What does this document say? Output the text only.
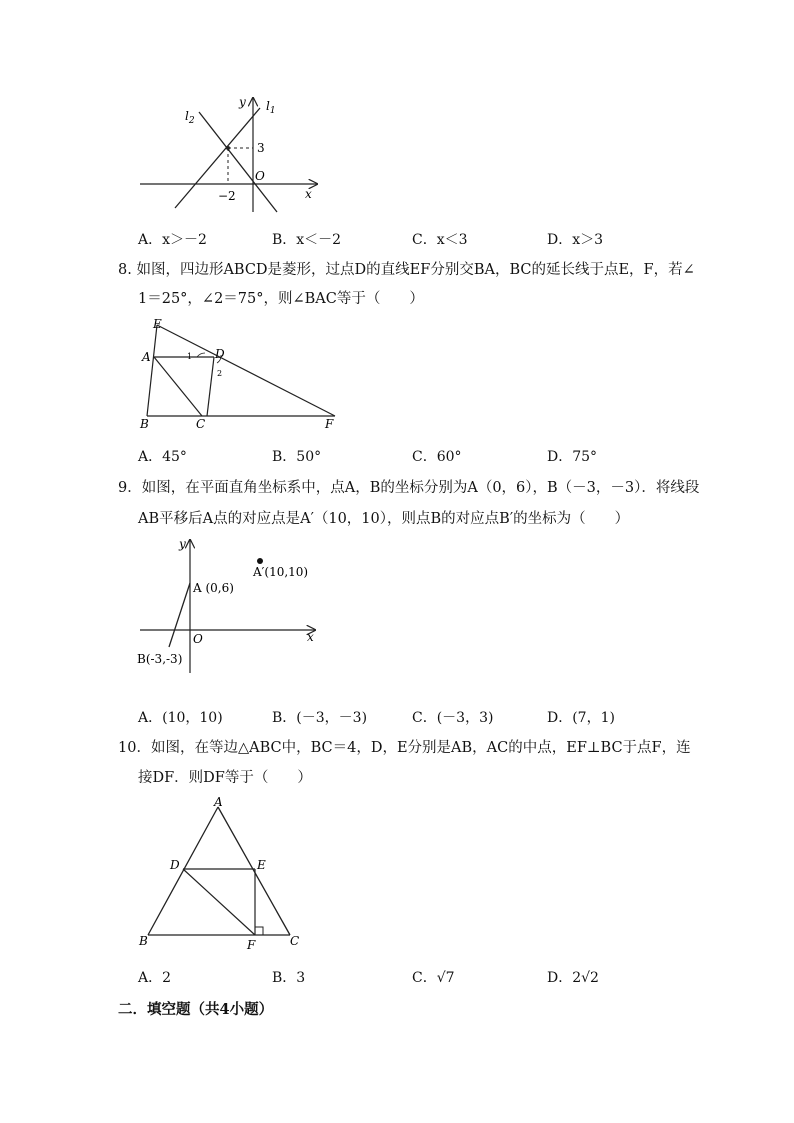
$l_2$
$l_1$
y
x
O
3
−2
A．x＞－2	B．x＜－2	C．x＜3	D．x＞3
8. 如图，四边形ABCD是菱形，过点D的直线EF分别交BA，BC的延长线于点E，F，若∠
1＝25°，∠2＝75°，则∠BAC等于（　　）
E
A	D
B	C	F
1
2
A．45°	B．50°	C．60°	D．75°
9．如图，在平面直角坐标系中，点A，B的坐标分别为A（0，6），B（－3，－3）．将线段
AB平移后A点的对应点是A′（10，10），则点B的对应点B′的坐标为（　　）
y
x
O
A (0,6)
B(-3,-3)
A′(10,10)
A．(10，10)	B．(－3，－3)	C．(－3，3)	D．(7，1)
10．如图，在等边△ABC中，BC＝4，D，E分别是AB，AC的中点，EF⊥BC于点F，连
接DF．则DF等于（　　）
A
B	C
D	E
F
A．2	B．3	C．√7	D．2√2
二．填空题（共4小题）
